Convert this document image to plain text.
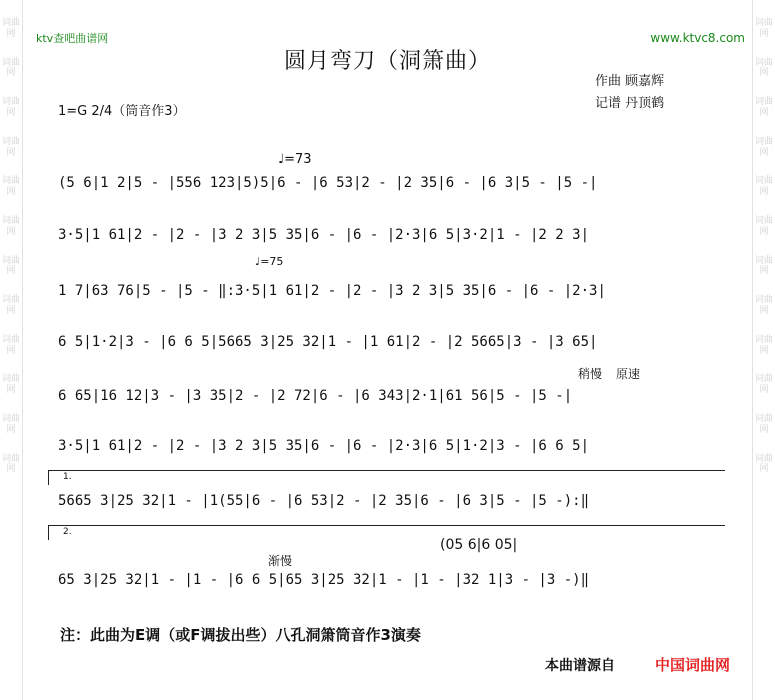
词曲网
词曲网
词曲网
词曲网
词曲网
词曲网
词曲网
词曲网
词曲网
词曲网
词曲网
词曲网
词曲网
词曲网
词曲网
词曲网
词曲网
词曲网
词曲网
词曲网
词曲网
词曲网
词曲网
词曲网
ktv查吧曲谱网	www.ktvc8.com
圆月弯刀（洞箫曲）
作曲 顾嘉辉
记谱 丹顶鹤
1=G 2/4（筒音作3）
♩=73
♩=75
(5 6|1 2|5 - |556 123|5)5|6 - |6 53|2 - |2 35|6 - |6 3|5 - |5 -|
3·5|1 61|2 - |2 - |3 2 3|5 35|6 - |6 - |2·3|6 5|3·2|1 - |2 2 3|
1 7|63 76|5 - |5 - ‖:3·5|1 61|2 - |2 - |3 2 3|5 35|6 - |6 - |2·3|
6 5|1·2|3 - |6 6 5|5665 3|25 32|1 - |1 61|2 - |2 5665|3 - |3 65|
稍慢 原速
6 65|16 12|3 - |3 35|2 - |2 72|6 - |6 343|2·1|61 56|5 - |5 -|
3·5|1 61|2 - |2 - |3 2 3|5 35|6 - |6 - |2·3|6 5|1·2|3 - |6 6 5|
1.
5665 3|25 32|1 - |1(55|6 - |6 53|2 - |2 35|6 - |6 3|5 - |5 -):‖
2.
(05 6|6 05|
渐慢
65 3|25 32|1 - |1 - |6 6 5|65 3|25 32|1 - |1 - |32 1|3 - |3 -)‖
注：此曲为E调（或F调拔出些）八孔洞箫筒音作3演奏
本曲谱源自	中国词曲网
